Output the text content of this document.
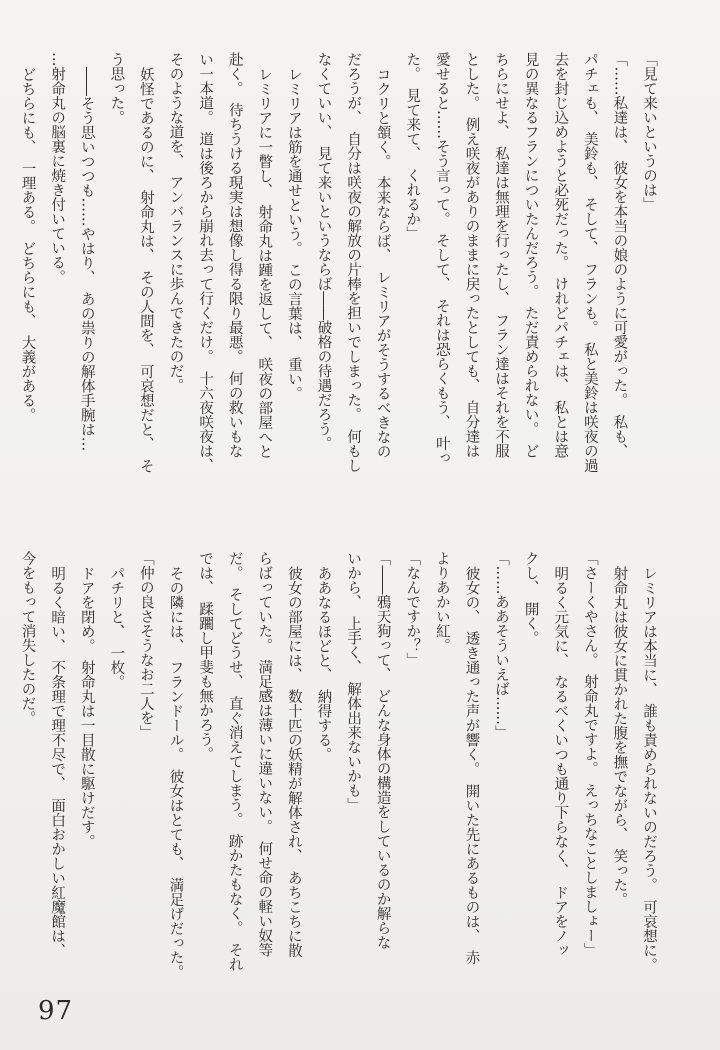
「見て来いというのは」
「……私達は、　彼女を本当の娘のように可愛がった。　私も、
パチェも、　美鈴も、　そして、　フランも。　私と美鈴は咲夜の過
去を封じ込めようと必死だった。　けれどパチェは、　私とは意
見の異なるフランについたんだろう。　ただ責められない。　ど
ちらにせよ、　私達は無理を行ったし、　フラン達はそれを不服
とした。　例え咲夜がありのままに戻ったとしても、　自分達は
愛せると……そう言って。　そして、　それは恐らくもう、　叶っ
た。　見て来て、　くれるか」
コクリと頷く。　本来ならば、　レミリアがそうするべきなの
だろうが、　自分は咲夜の解放の片棒を担いでしまった。　何もし
なくていい、　見て来いというならば――破格の待遇だろう。
レミリアは筋を通せという。　この言葉は、　重い。
レミリアに一瞥し、　射命丸は踵を返して、　咲夜の部屋へと
赴く。　待ちうける現実は想像し得る限り最悪。　何の救いもな
い一本道。　道は後ろから崩れ去って行くだけ。　十六夜咲夜は、
そのような道を、　アンバランスに歩んできたのだ。
妖怪であるのに、　射命丸は、　その人間を、　可哀想だと、　そ
う思った。
――そう思いつつも……やはり、　あの祟りの解体手腕は…
…射命丸の脳裏に焼き付いている。
どちらにも、　一理ある。　どちらにも、　大義がある。
レミリアは本当に、　誰も責められないのだろう。　可哀想に。
射命丸は彼女に貫かれた腹を撫でながら、　笑った。
「さーくやさん。　射命丸ですよ。　えっちなことしましょー」
明るく元気に、　なるべくいつも通り下らなく、　ドアをノッ
クし、　開く。
「……ああそういえば……」
彼女の、　透き通った声が響く。　開いた先にあるものは、　赤
よりあかい紅。
「なんですか？」
「――鴉天狗って、　どんな身体の構造をしているのか解らな
いから、　上手く、　解体出来ないかも」
ああなるほどと、　納得する。
彼女の部屋には、　数十匹の妖精が解体され、　あちこちに散
らばっていた。　満足感は薄いに違いない。　何せ命の軽い奴等
だ。　そしてどうせ、　直ぐ消えてしまう。　跡かたもなく。　それ
では、　蹂躙し甲斐も無かろう。
その隣には、　フランドール。　彼女はとても、　満足げだった。
「仲の良さそうなお二人を」
パチリと、　一枚。
ドアを閉め。　射命丸は一目散に駆けだす。
明るく暗い、　不条理で理不尽で、　面白おかしい紅魔館は、
今をもって消失したのだ。
97
